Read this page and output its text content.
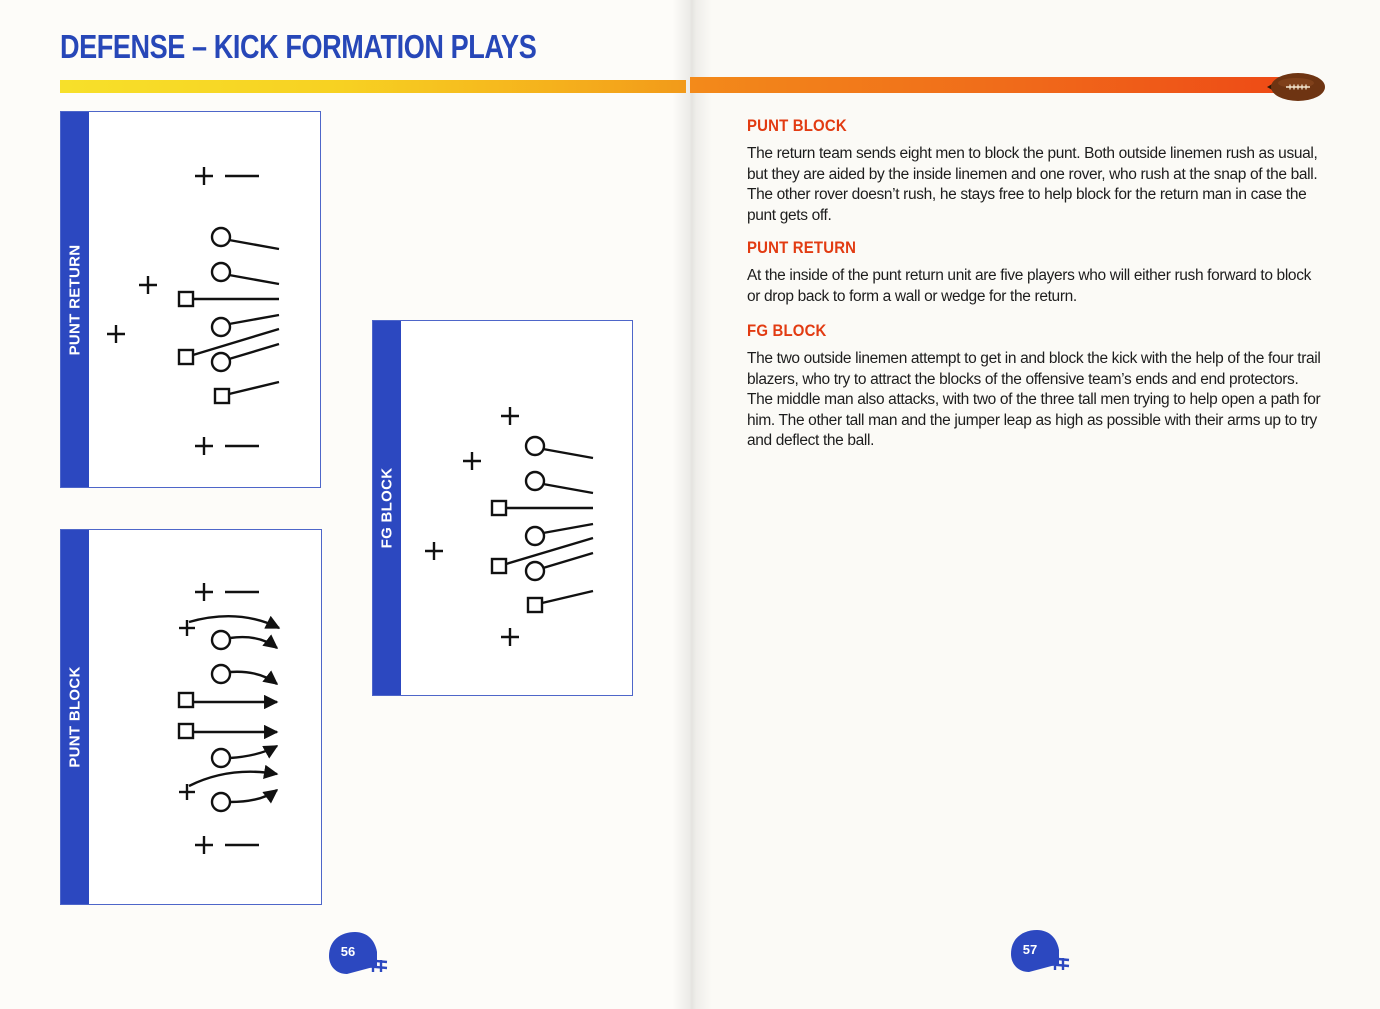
DEFENSE – KICK FORMATION PLAYS
PUNT RETURN
PUNT BLOCK
FG BLOCK
PUNT BLOCK

The return team sends eight men to block the punt. Both outside linemen rush as usual, but they are aided by the inside linemen and one rover, who rush at the snap of the ball. The other rover doesn’t rush, he stays free to help block for the return man in case the punt gets off.

PUNT RETURN

At the inside of the punt return unit are five players who will either rush forward to block or drop back to form a wall or wedge for the return.

FG BLOCK

The two outside linemen attempt to get in and block the kick with the help of the four trail blazers, who try to attract the blocks of the offensive team’s ends and end protectors. The middle man also attacks, with two of the three tall men trying to help open a path for him. The other tall man and the jumper leap as high as possible with their arms up to try and deflect the ball.

56	57
